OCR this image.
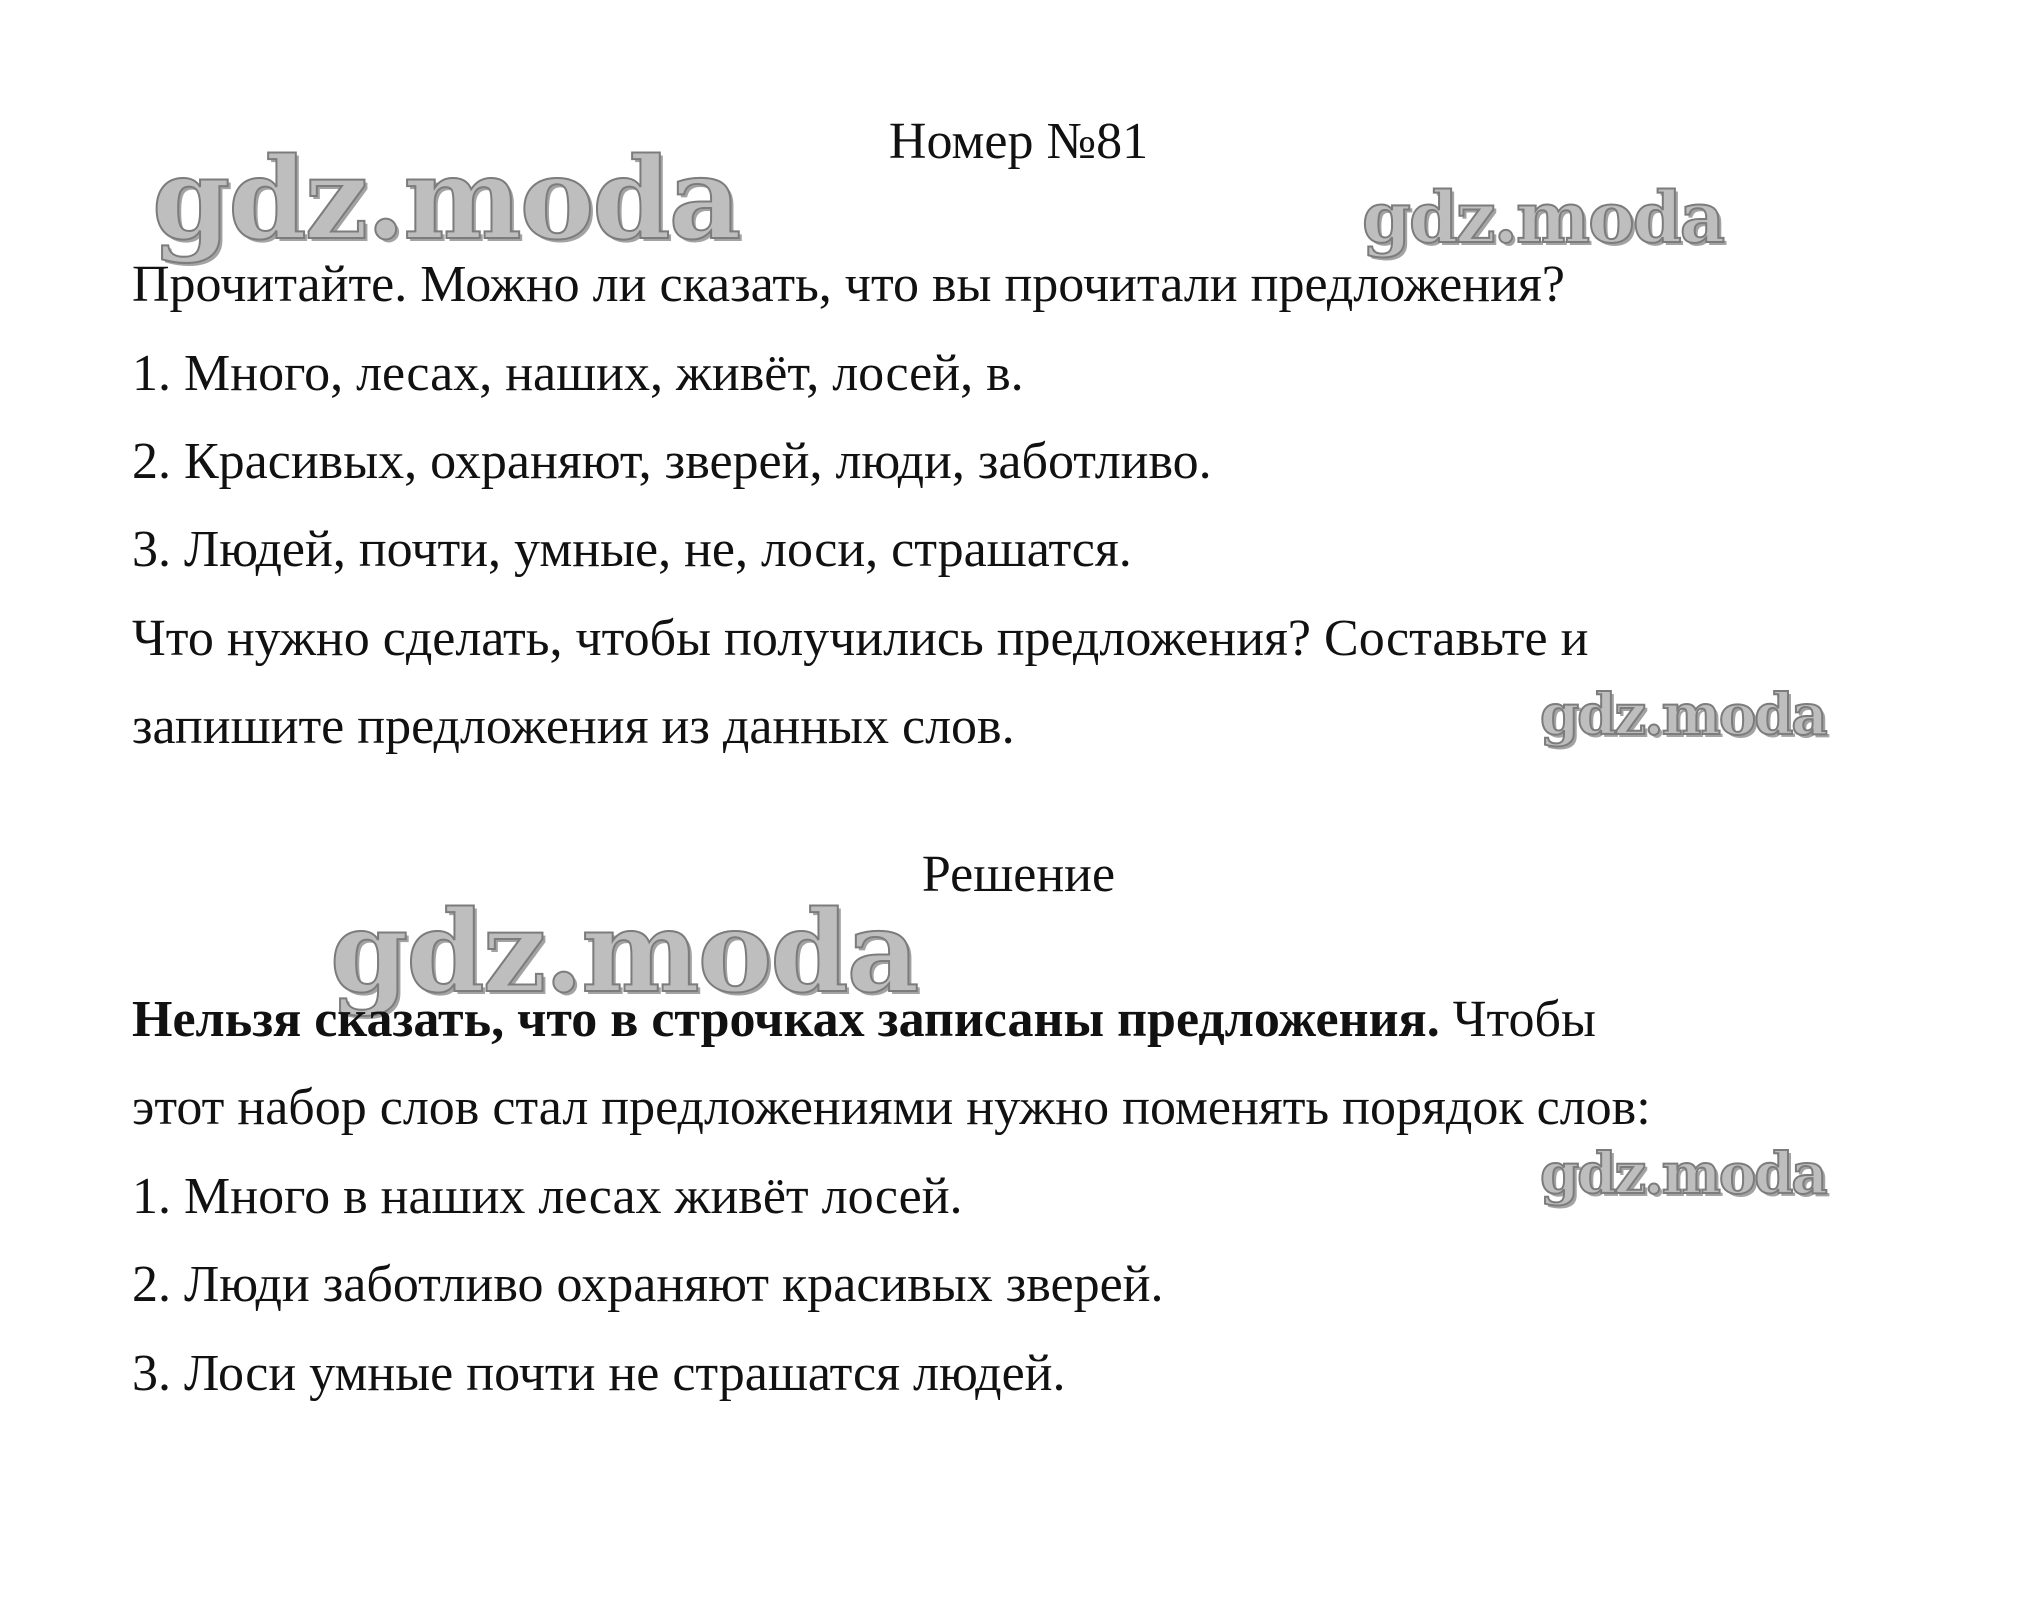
gdz.moda	gdz.moda
gdz.moda
gdz.moda
gdz.moda
Номер №81

Прочитайте. Можно ли сказать, что вы прочитали предложения?

1. Много, лесах, наших, живёт, лосей, в.

2. Красивых, охраняют, зверей, люди, заботливо.

3. Людей, почти, умные, не, лоси, страшатся.

Что нужно сделать, чтобы получились предложения? Составьте и

запишите предложения из данных слов.

Решение

Нельзя сказать, что в строчках записаны предложения. Чтобы

этот набор слов стал предложениями нужно поменять порядок слов:

1. Много в наших лесах живёт лосей.

2. Люди заботливо охраняют красивых зверей.

3. Лоси умные почти не страшатся людей.
